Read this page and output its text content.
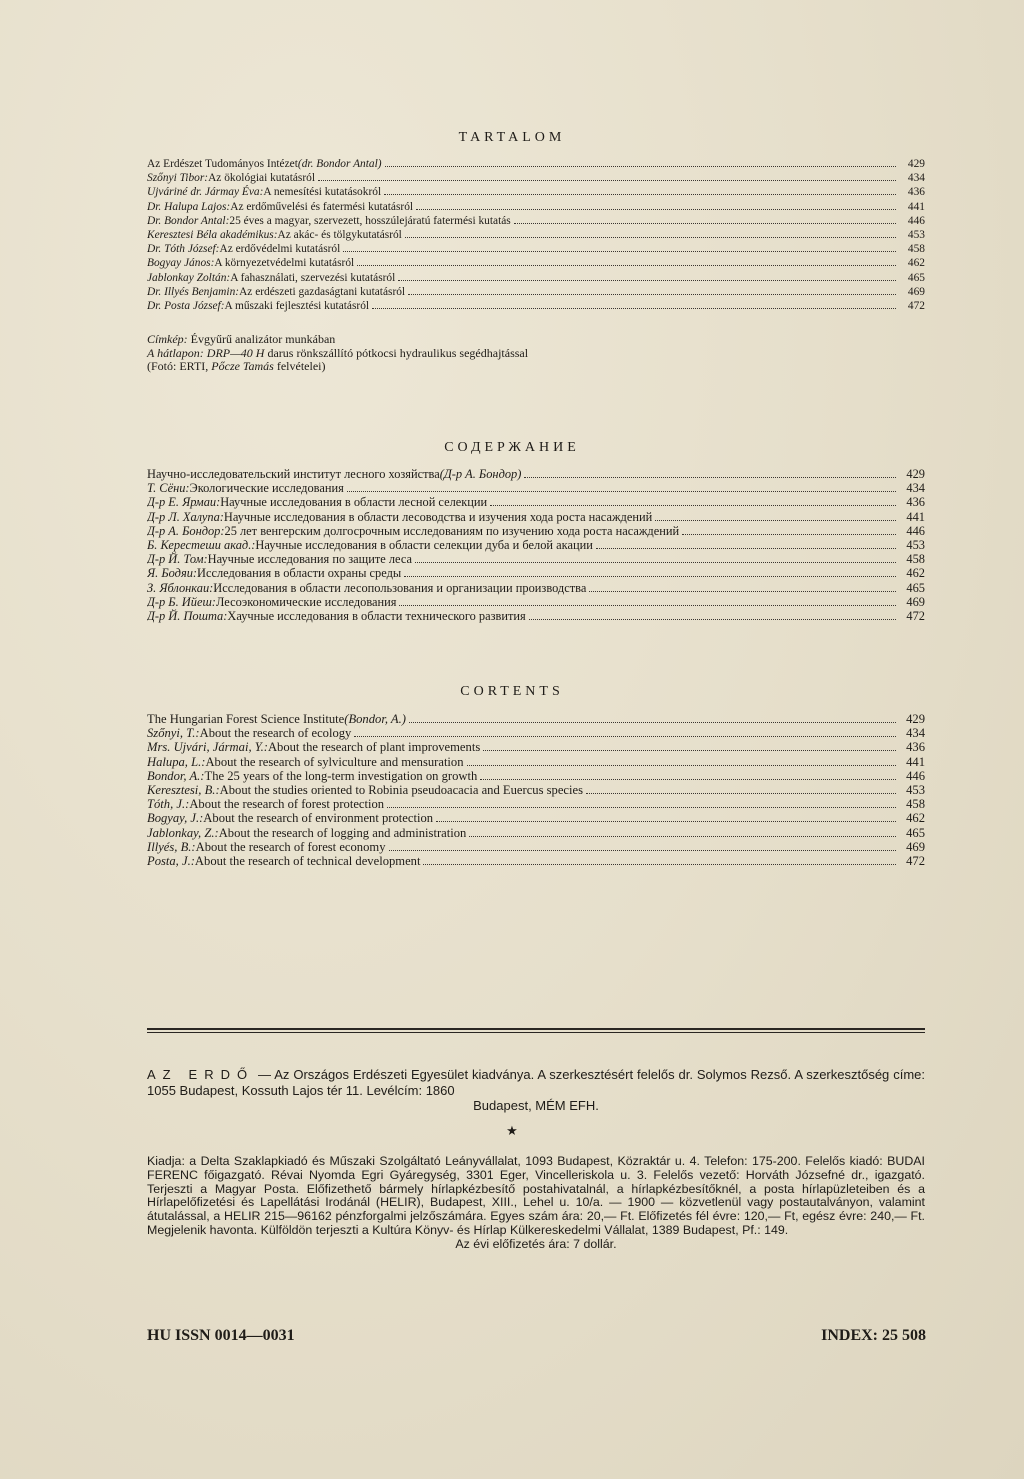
TARTALOM
Az Erdészet Tudományos Intézet (dr. Bondor Antal)	429
Szőnyi Tibor: Az ökológiai kutatásról	434
Ujváriné dr. Jármay Éva: A nemesítési kutatásokról	436
Dr. Halupa Lajos: Az erdőművelési és fatermési kutatásról	441
Dr. Bondor Antal: 25 éves a magyar, szervezett, hosszúlejáratú fatermési kutatás	446
Keresztesi Béla akadémikus: Az akác- és tölgykutatásról	453
Dr. Tóth József: Az erdővédelmi kutatásról	458
Bogyay János: A környezetvédelmi kutatásról	462
Jablonkay Zoltán: A fahasználati, szervezési kutatásról	465
Dr. Illyés Benjamin: Az erdészeti gazdaságtani kutatásról	469
Dr. Posta József: A műszaki fejlesztési kutatásról	472
Címkép: Évgyűrű analizátor munkában
A hátlapon: DRP—40 H darus rönkszállító pótkocsi hydraulikus segédhajtással
(Fotó: ERTI, Pőcze Tamás felvételei)
СОДЕРЖАНИЕ
Научно-исследовательский институт лесного хозяйства (Д-р А. Бондор)	429
Т. Сёни: Экологические исследования	434
Д-р Е. Ярмаи: Научные исследования в области лесной селекции	436
Д-р Л. Халупа: Научные исследования в области лесоводства и изучения хода роста насаждений	441
Д-р А. Бондор: 25 лет венгерским долгосрочным исследованиям по изучению хода роста насаждений	446
Б. Керестеши акад.: Научные исследования в области селекции дуба и белой акации	453
Д-р Й. Том: Научные исследования по защите леса	458
Я. Бодяи: Исследования в области охраны среды	462
З. Яблонкаи: Исследования в области лесопользования и организации производства	465
Д-р Б. Ийеш: Лесоэкономические исследования	469
Д-р Й. Пошта: Хаучные исследования в области технического развития	472
CORTENTS
The Hungarian Forest Science Institute (Bondor, A.)	429
Szőnyi, T.: About the research of ecology	434
Mrs. Ujvári, Jármai, Y.: About the research of plant improvements	436
Halupa, L.: About the research of sylviculture and mensuration	441
Bondor, A.: The 25 years of the long-term investigation on growth	446
Keresztesi, B.: About the studies oriented to Robinia pseudoacacia and Euercus species	453
Tóth, J.: About the research of forest protection	458
Bogyay, J.: About the research of environment protection	462
Jablonkay, Z.: About the research of logging and administration	465
Illyés, B.: About the research of forest economy	469
Posta, J.: About the research of technical development	472
AZ ERDŐ — Az Országos Erdészeti Egyesület kiadványa. A szerkesztésért felelős dr. Solymos Rezső. A szerkesztőség címe: 1055 Budapest, Kossuth Lajos tér 11. Levélcím: 1860
Budapest, MÉM EFH.
★
Kiadja: a Delta Szaklapkiadó és Műszaki Szolgáltató Leányvállalat, 1093 Budapest, Közraktár u. 4. Telefon: 175-200. Felelős kiadó: BUDAI FERENC főigazgató. Révai Nyomda Egri Gyáregység, 3301 Eger, Vincelleriskola u. 3. Felelős vezető: Horváth Józsefné dr., igazgató. Terjeszti a Magyar Posta. Előfizethető bármely hírlapkézbesítő postahivatalnál, a hírlapkézbesítőknél, a posta hírlapüzleteiben és a Hírlapelőfizetési és Lapellátási Irodánál (HELIR), Budapest, XIII., Lehel u. 10/a. — 1900 — közvetlenül vagy postautalványon, valamint átutalással, a HELIR 215—96162 pénzforgalmi jelzőszámára. Egyes szám ára: 20,— Ft. Előfizetés fél évre: 120,— Ft, egész évre: 240,— Ft. Megjelenik havonta. Külföldön terjeszti a Kultúra Könyv- és Hírlap Külkereskedelmi Vállalat, 1389 Budapest, Pf.: 149.
Az évi előfizetés ára: 7 dollár.
HU ISSN 0014—0031	INDEX: 25 508
